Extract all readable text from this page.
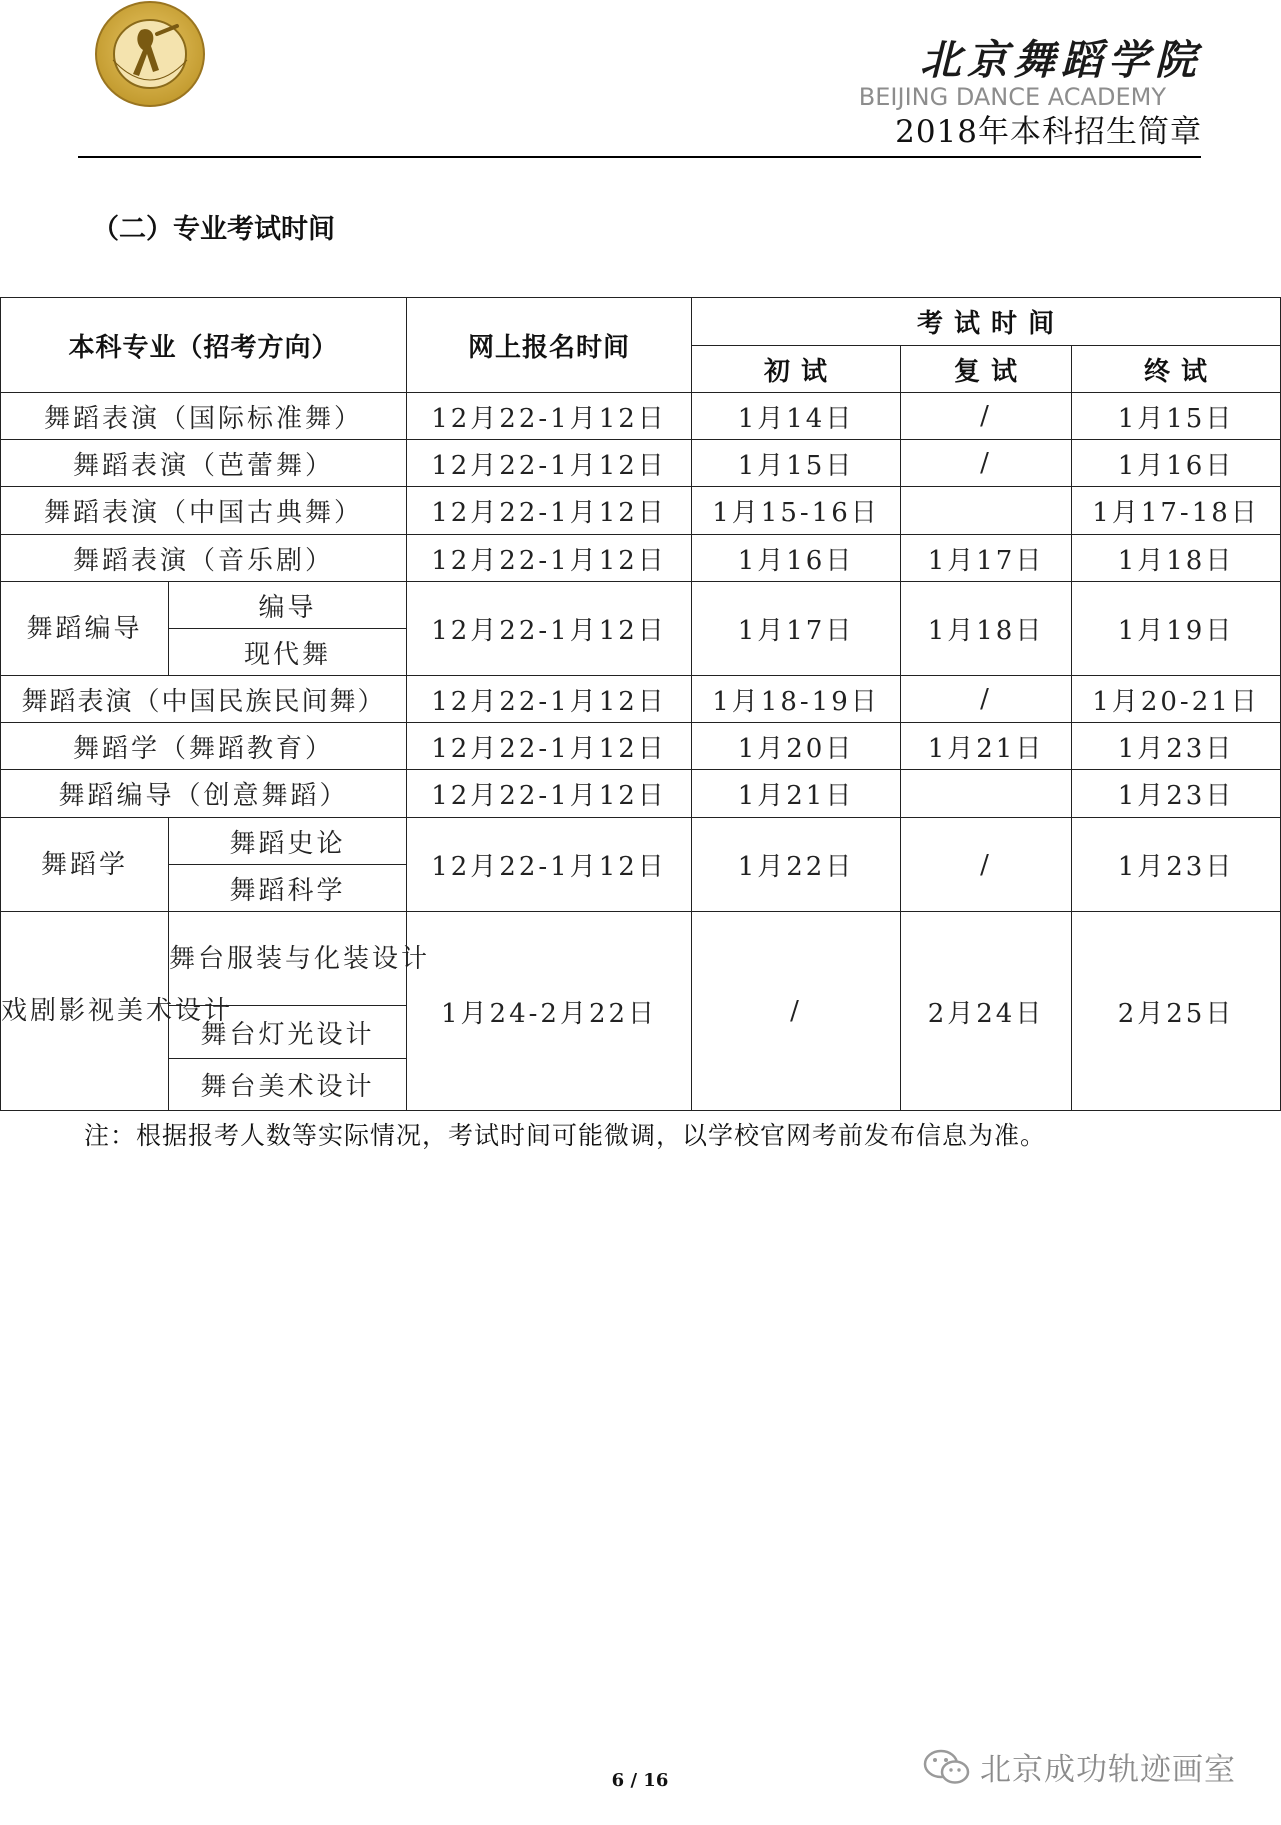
北京舞蹈学院
BEIJING DANCE ACADEMY
2018年本科招生简章
（二）专业考试时间
本科专业（招考方向）		网上报名时间	考 试 时 间		
			初 试	复 试	终 试
舞蹈表演（国际标准舞）		12月22-1月12日	1月14日	/	1月15日
舞蹈表演（芭蕾舞）		12月22-1月12日	1月15日	/	1月16日
舞蹈表演（中国古典舞）		12月22-1月12日	1月15-16日		1月17-18日
舞蹈表演（音乐剧）		12月22-1月12日	1月16日	1月17日	1月18日
舞蹈编导	编导	12月22-1月12日	1月17日	1月18日	1月19日
	现代舞				
舞蹈表演（中国民族民间舞）		12月22-1月12日	1月18-19日	/	1月20-21日
舞蹈学（舞蹈教育）		12月22-1月12日	1月20日	1月21日	1月23日
舞蹈编导（创意舞蹈）		12月22-1月12日	1月21日		1月23日
舞蹈学	舞蹈史论	12月22-1月12日	1月22日	/	1月23日
	舞蹈科学				
戏剧影视美术设计	舞台服装与化装设计	1月24-2月22日	/	2月24日	2月25日
	舞台灯光设计				
	舞台美术设计				
注：根据报考人数等实际情况，考试时间可能微调，以学校官网考前发布信息为准。
6 / 16	北京成功轨迹画室
